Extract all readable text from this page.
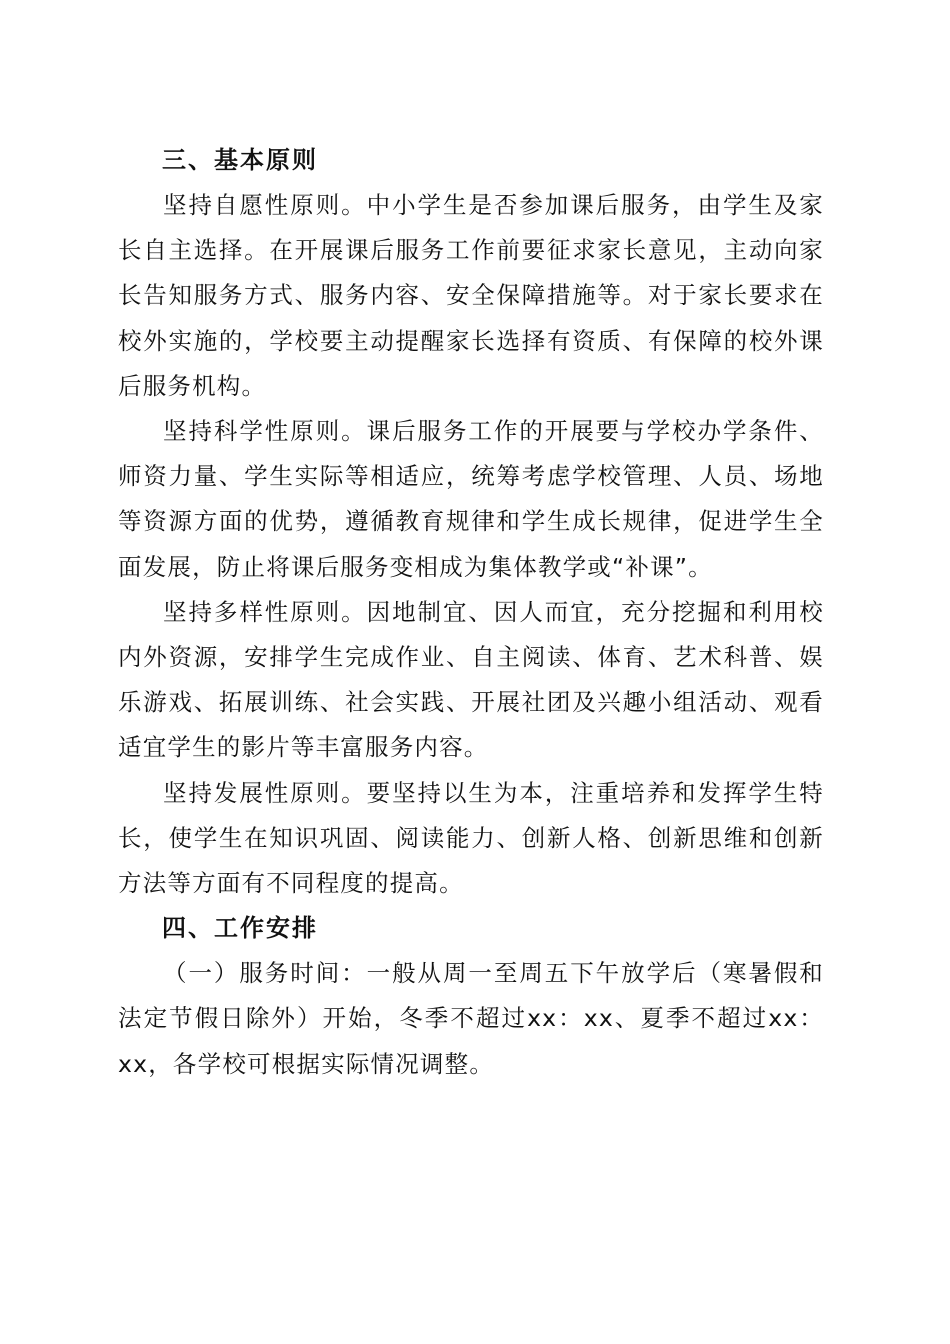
三、基本原则

坚持自愿性原则。中小学生是否参加课后服务，由学生及家长自主选择。在开展课后服务工作前要征求家长意见，主动向家长告知服务方式、服务内容、安全保障措施等。对于家长要求在校外实施的，学校要主动提醒家长选择有资质、有保障的校外课后服务机构。

坚持科学性原则。课后服务工作的开展要与学校办学条件、师资力量、学生实际等相适应，统筹考虑学校管理、人员、场地等资源方面的优势，遵循教育规律和学生成长规律，促进学生全面发展，防止将课后服务变相成为集体教学或“补课”。

坚持多样性原则。因地制宜、因人而宜，充分挖掘和利用校内外资源，安排学生完成作业、自主阅读、体育、艺术科普、娱乐游戏、拓展训练、社会实践、开展社团及兴趣小组活动、观看适宜学生的影片等丰富服务内容。

坚持发展性原则。要坚持以生为本，注重培养和发挥学生特长，使学生在知识巩固、阅读能力、创新人格、创新思维和创新方法等方面有不同程度的提高。

四、工作安排

（一）服务时间：一般从周一至周五下午放学后（寒暑假和法定节假日除外）开始，冬季不超过xx：xx、夏季不超过xx：xx，各学校可根据实际情况调整。
